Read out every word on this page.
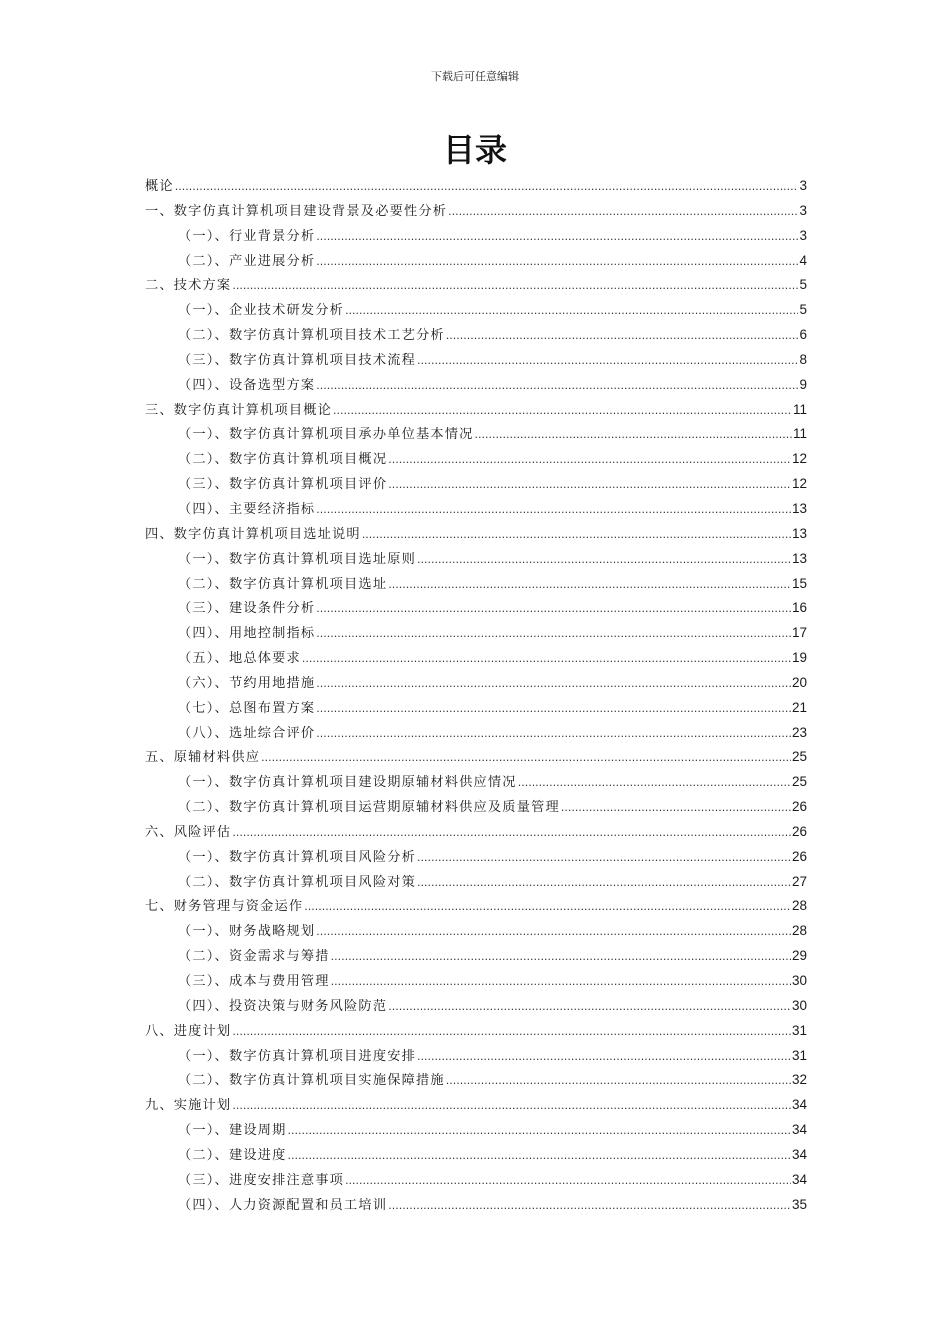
下载后可任意编辑
目录
概论 .....	3
一、数字仿真计算机项目建设背景及必要性分析 .....	3
（一）、行业背景分析 .....	3
（二）、产业进展分析 .....	4
二、技术方案 .....	5
（一）、企业技术研发分析 .....	5
（二）、数字仿真计算机项目技术工艺分析 .....	6
（三）、数字仿真计算机项目技术流程 .....	8
（四）、设备选型方案 .....	9
三、数字仿真计算机项目概论 .....	11
（一）、数字仿真计算机项目承办单位基本情况 .....	11
（二）、数字仿真计算机项目概况 .....	12
（三）、数字仿真计算机项目评价 .....	12
（四）、主要经济指标 .....	13
四、数字仿真计算机项目选址说明 .....	13
（一）、数字仿真计算机项目选址原则 .....	13
（二）、数字仿真计算机项目选址 .....	15
（三）、建设条件分析 .....	16
（四）、用地控制指标 .....	17
（五）、地总体要求 .....	19
（六）、节约用地措施 .....	20
（七）、总图布置方案 .....	21
（八）、选址综合评价 .....	23
五、原辅材料供应 .....	25
（一）、数字仿真计算机项目建设期原辅材料供应情况 .....	25
（二）、数字仿真计算机项目运营期原辅材料供应及质量管理 .....	26
六、风险评估 .....	26
（一）、数字仿真计算机项目风险分析 .....	26
（二）、数字仿真计算机项目风险对策 .....	27
七、财务管理与资金运作 .....	28
（一）、财务战略规划 .....	28
（二）、资金需求与筹措 .....	29
（三）、成本与费用管理 .....	30
（四）、投资决策与财务风险防范 .....	30
八、进度计划 .....	31
（一）、数字仿真计算机项目进度安排 .....	31
（二）、数字仿真计算机项目实施保障措施 .....	32
九、实施计划 .....	34
（一）、建设周期 .....	34
（二）、建设进度 .....	34
（三）、进度安排注意事项 .....	34
（四）、人力资源配置和员工培训 .....	35
